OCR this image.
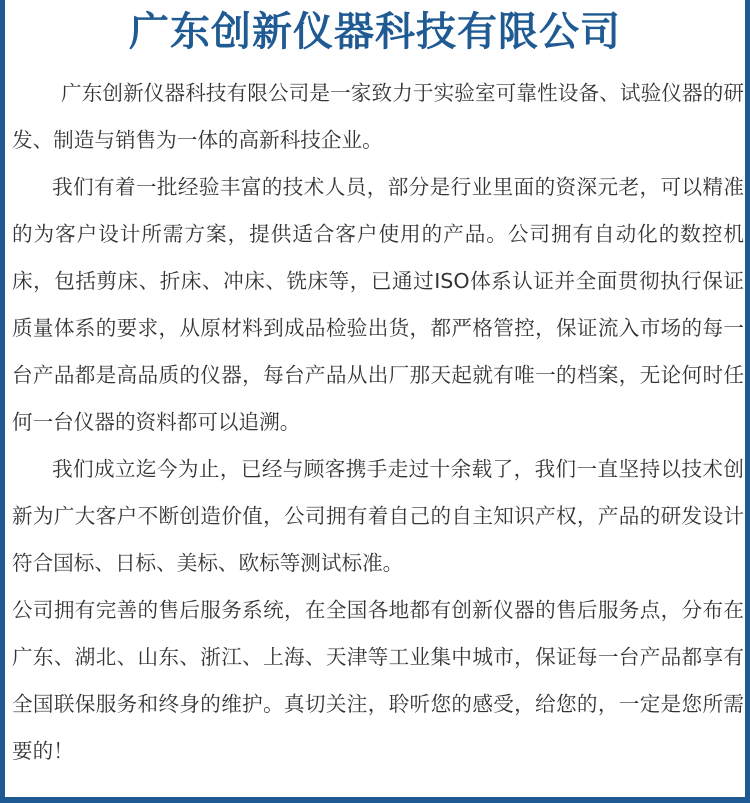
广东创新仪器科技有限公司

广东创新仪器科技有限公司是一家致力于实验室可靠性设备、试验仪器的研发、制造与销售为一体的高新科技企业。

我们有着一批经验丰富的技术人员，部分是行业里面的资深元老，可以精准的为客户设计所需方案，提供适合客户使用的产品。公司拥有自动化的数控机床，包括剪床、折床、冲床、铣床等，已通过ISO体系认证并全面贯彻执行保证质量体系的要求，从原材料到成品检验出货，都严格管控，保证流入市场的每一台产品都是高品质的仪器，每台产品从出厂那天起就有唯一的档案，无论何时任何一台仪器的资料都可以追溯。

我们成立迄今为止，已经与顾客携手走过十余载了，我们一直坚持以技术创新为广大客户不断创造价值，公司拥有着自己的自主知识产权，产品的研发设计符合国标、日标、美标、欧标等测试标准。

公司拥有完善的售后服务系统，在全国各地都有创新仪器的售后服务点，分布在广东、湖北、山东、浙江、上海、天津等工业集中城市，保证每一台产品都享有全国联保服务和终身的维护。真切关注，聆听您的感受，给您的，一定是您所需要的！
